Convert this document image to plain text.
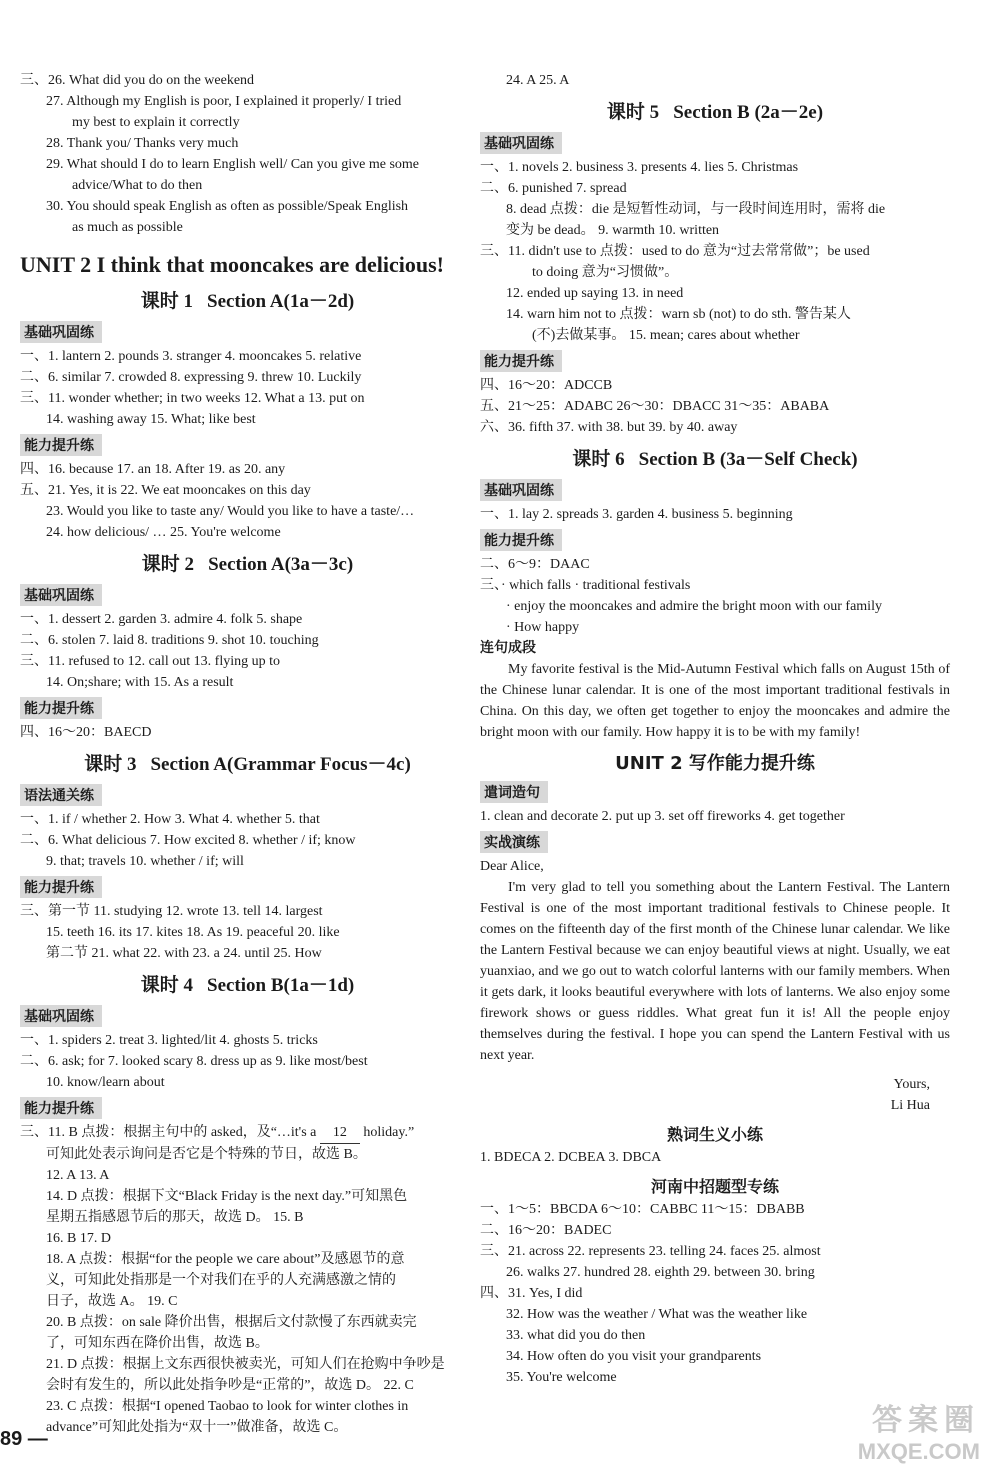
三、26. What did you do on the weekend
27. Although my English is poor, I explained it properly/ I tried
my best to explain it correctly
28. Thank you/ Thanks very much
29. What should I do to learn English well/ Can you give me some
advice/What to do then
30. You should speak English as often as possible/Speak English
as much as possible
UNIT 2 I think that mooncakes are delicious!
课时 1 Section A(1a－2d)
基础巩固练
一、1. lantern 2. pounds 3. stranger 4. mooncakes 5. relative
二、6. similar 7. crowded 8. expressing 9. threw 10. Luckily
三、11. wonder whether; in two weeks 12. What a 13. put on
14. washing away 15. What; like best
能力提升练
四、16. because 17. an 18. After 19. as 20. any
五、21. Yes, it is 22. We eat mooncakes on this day
23. Would you like to taste any/ Would you like to have a taste/…
24. how delicious/ … 25. You're welcome
课时 2 Section A(3a－3c)
基础巩固练
一、1. dessert 2. garden 3. admire 4. folk 5. shape
二、6. stolen 7. laid 8. traditions 9. shot 10. touching
三、11. refused to 12. call out 13. flying up to
14. On;share; with 15. As a result
能力提升练
四、16～20：BAECD
课时 3 Section A(Grammar Focus－4c)
语法通关练
一、1. if / whether 2. How 3. What 4. whether 5. that
二、6. What delicious 7. How excited 8. whether / if; know
9. that; travels 10. whether / if; will
能力提升练
三、第一节 11. studying 12. wrote 13. tell 14. largest
15. teeth 16. its 17. kites 18. As 19. peaceful 20. like
第二节 21. what 22. with 23. a 24. until 25. How
课时 4 Section B(1a－1d)
基础巩固练
一、1. spiders 2. treat 3. lighted/lit 4. ghosts 5. tricks
二、6. ask; for 7. looked scary 8. dress up as 9. like most/best
10. know/learn about
能力提升练
三、11. B 点拨：根据主句中的 asked，及“…it's a 12 holiday.”
可知此处表示询问是否它是个特殊的节日，故选 B。
12. A 13. A
14. D 点拨：根据下文“Black Friday is the next day.”可知黑色
星期五指感恩节后的那天，故选 D。 15. B
16. B 17. D
18. A 点拨：根据“for the people we care about”及感恩节的意
义，可知此处指那是一个对我们在乎的人充满感激之情的
日子，故选 A。 19. C
20. B 点拨：on sale 降价出售，根据后文付款慢了东西就卖完
了，可知东西在降价出售，故选 B。
21. D 点拨：根据上文东西很快被卖光，可知人们在抢购中争吵是
会时有发生的，所以此处指争吵是“正常的”，故选 D。 22. C
23. C 点拨：根据“I opened Taobao to look for winter clothes in
advance”可知此处指为“双十一”做准备，故选 C。
24. A 25. A
课时 5 Section B (2a－2e)
基础巩固练
一、1. novels 2. business 3. presents 4. lies 5. Christmas
二、6. punished 7. spread
8. dead 点拨：die 是短暂性动词，与一段时间连用时，需将 die
变为 be dead。 9. warmth 10. written
三、11. didn't use to 点拨：used to do 意为“过去常常做”；be used
to doing 意为“习惯做”。
12. ended up saying 13. in need
14. warn him not to 点拨：warn sb (not) to do sth. 警告某人
(不)去做某事。 15. mean; cares about whether
能力提升练
四、16～20：ADCCB
五、21～25：ADABC 26～30：DBACC 31～35：ABABA
六、36. fifth 37. with 38. but 39. by 40. away
课时 6 Section B (3a－Self Check)
基础巩固练
一、1. lay 2. spreads 3. garden 4. business 5. beginning
能力提升练
二、6～9：DAAC
三、· which falls · traditional festivals
· enjoy the mooncakes and admire the bright moon with our family
· How happy
连句成段
My favorite festival is the Mid-Autumn Festival which falls on August 15th of the Chinese lunar calendar. It is one of the most important traditional festivals in China. On this day, we often get together to enjoy the mooncakes and admire the bright moon with our family. How happy it is to be with my family!
UNIT 2 写作能力提升练
遣词造句
1. clean and decorate 2. put up 3. set off fireworks 4. get together
实战演练
Dear Alice,
I'm very glad to tell you something about the Lantern Festival. The Lantern Festival is one of the most important traditional festivals to Chinese people. It comes on the fifteenth day of the first month of the Chinese lunar calendar. We like the Lantern Festival because we can enjoy beautiful views at night. Usually, we eat yuanxiao, and we go out to watch colorful lanterns with our family members. When it gets dark, it looks beautiful everywhere with lots of lanterns. We also enjoy some firework shows or guess riddles. What great fun it is! All the people enjoy themselves during the festival. I hope you can spend the Lantern Festival with us next year.
Yours,
Li Hua
熟词生义小练
1. BDECA 2. DCBEA 3. DBCA
河南中招题型专练
一、1～5：BBCDA 6～10：CABBC 11～15：DBABB
二、16～20：BADEC
三、21. across 22. represents 23. telling 24. faces 25. almost
26. walks 27. hundred 28. eighth 29. between 30. bring
四、31. Yes, I did
32. How was the weather / What was the weather like
33. what did you do then
34. How often do you visit your grandparents
35. You're welcome
89 —
答案圈
MXQE.COM
